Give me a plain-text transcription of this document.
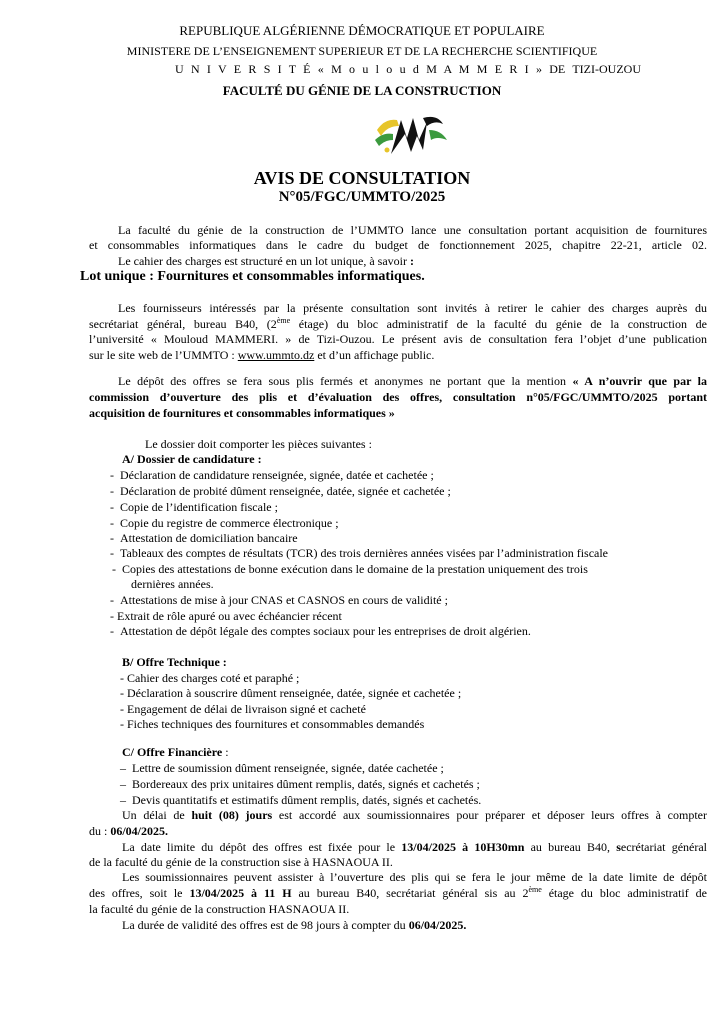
REPUBLIQUE ALGÉRIENNE DÉMOCRATIQUE ET POPULAIRE
MINISTERE DE L’ENSEIGNEMENT SUPERIEUR ET DE LA RECHERCHE SCIENTIFIQUE
U N I V E R S I T É « M o u l o u d M A M M E R I » DE TIZI-OUZOU
FACULTÉ DU GÉNIE DE LA CONSTRUCTION
AVIS DE CONSULTATION
N°05/FGC/UMMTO/2025
La faculté du génie de la construction de l’UMMTO lance une consultation portant acquisition de fournitures
et consommables informatiques dans le cadre du budget de fonctionnement 2025, chapitre 22-21, article 02.
Le cahier des charges est structuré en un lot unique, à savoir :
Lot unique : Fournitures et consommables informatiques.
Les fournisseurs intéressés par la présente consultation sont invités à retirer le cahier des charges auprès du
secrétariat général, bureau B40, (2ème étage) du bloc administratif de la faculté du génie de la construction de
l’université « Mouloud MAMMERI. » de Tizi-Ouzou. Le présent avis de consultation fera l’objet d’une publication
sur le site web de l’UMMTO : www.ummto.dz et d’un affichage public.
Le dépôt des offres se fera sous plis fermés et anonymes ne portant que la mention « A n’ouvrir que par la
commission d’ouverture des plis et d’évaluation des offres, consultation n°05/FGC/UMMTO/2025 portant
acquisition de fournitures et consommables informatiques »
Le dossier doit comporter les pièces suivantes :
A/ Dossier de candidature :
-  Déclaration de candidature renseignée, signée, datée et cachetée ;
-  Déclaration de probité dûment renseignée, datée, signée et cachetée ;
-  Copie de l’identification fiscale ;
-  Copie du registre de commerce électronique ;
-  Attestation de domiciliation bancaire
-  Tableaux des comptes de résultats (TCR) des trois dernières années visées par l’administration fiscale
-  Copies des attestations de bonne exécution dans le domaine de la prestation uniquement des trois
dernières années.
-  Attestations de mise à jour CNAS et CASNOS en cours de validité ;
- Extrait de rôle apuré ou avec échéancier récent
-  Attestation de dépôt légale des comptes sociaux pour les entreprises de droit algérien.
B/ Offre Technique :
- Cahier des charges coté et paraphé ;
- Déclaration à souscrire dûment renseignée, datée, signée et cachetée ;
- Engagement de délai de livraison signé et cacheté
- Fiches techniques des fournitures et consommables demandés
C/ Offre Financière :
–  Lettre de soumission dûment renseignée, signée, datée cachetée ;
–  Bordereaux des prix unitaires dûment remplis, datés, signés et cachetés ;
–  Devis quantitatifs et estimatifs dûment remplis, datés, signés et cachetés.
Un délai de huit (08) jours est accordé aux soumissionnaires pour préparer et déposer leurs offres à compter
du : 06/04/2025.
La date limite du dépôt des offres est fixée pour le 13/04/2025 à 10H30mn au bureau B40, secrétariat général
de la faculté du génie de la construction sise à HASNAOUA II.
Les soumissionnaires peuvent assister à l’ouverture des plis qui se fera le jour même de la date limite de dépôt
des offres, soit le 13/04/2025 à 11 H au bureau B40, secrétariat général sis au 2ème étage du bloc administratif de
la faculté du génie de la construction HASNAOUA II.
La durée de validité des offres est de 98 jours à compter du 06/04/2025.
